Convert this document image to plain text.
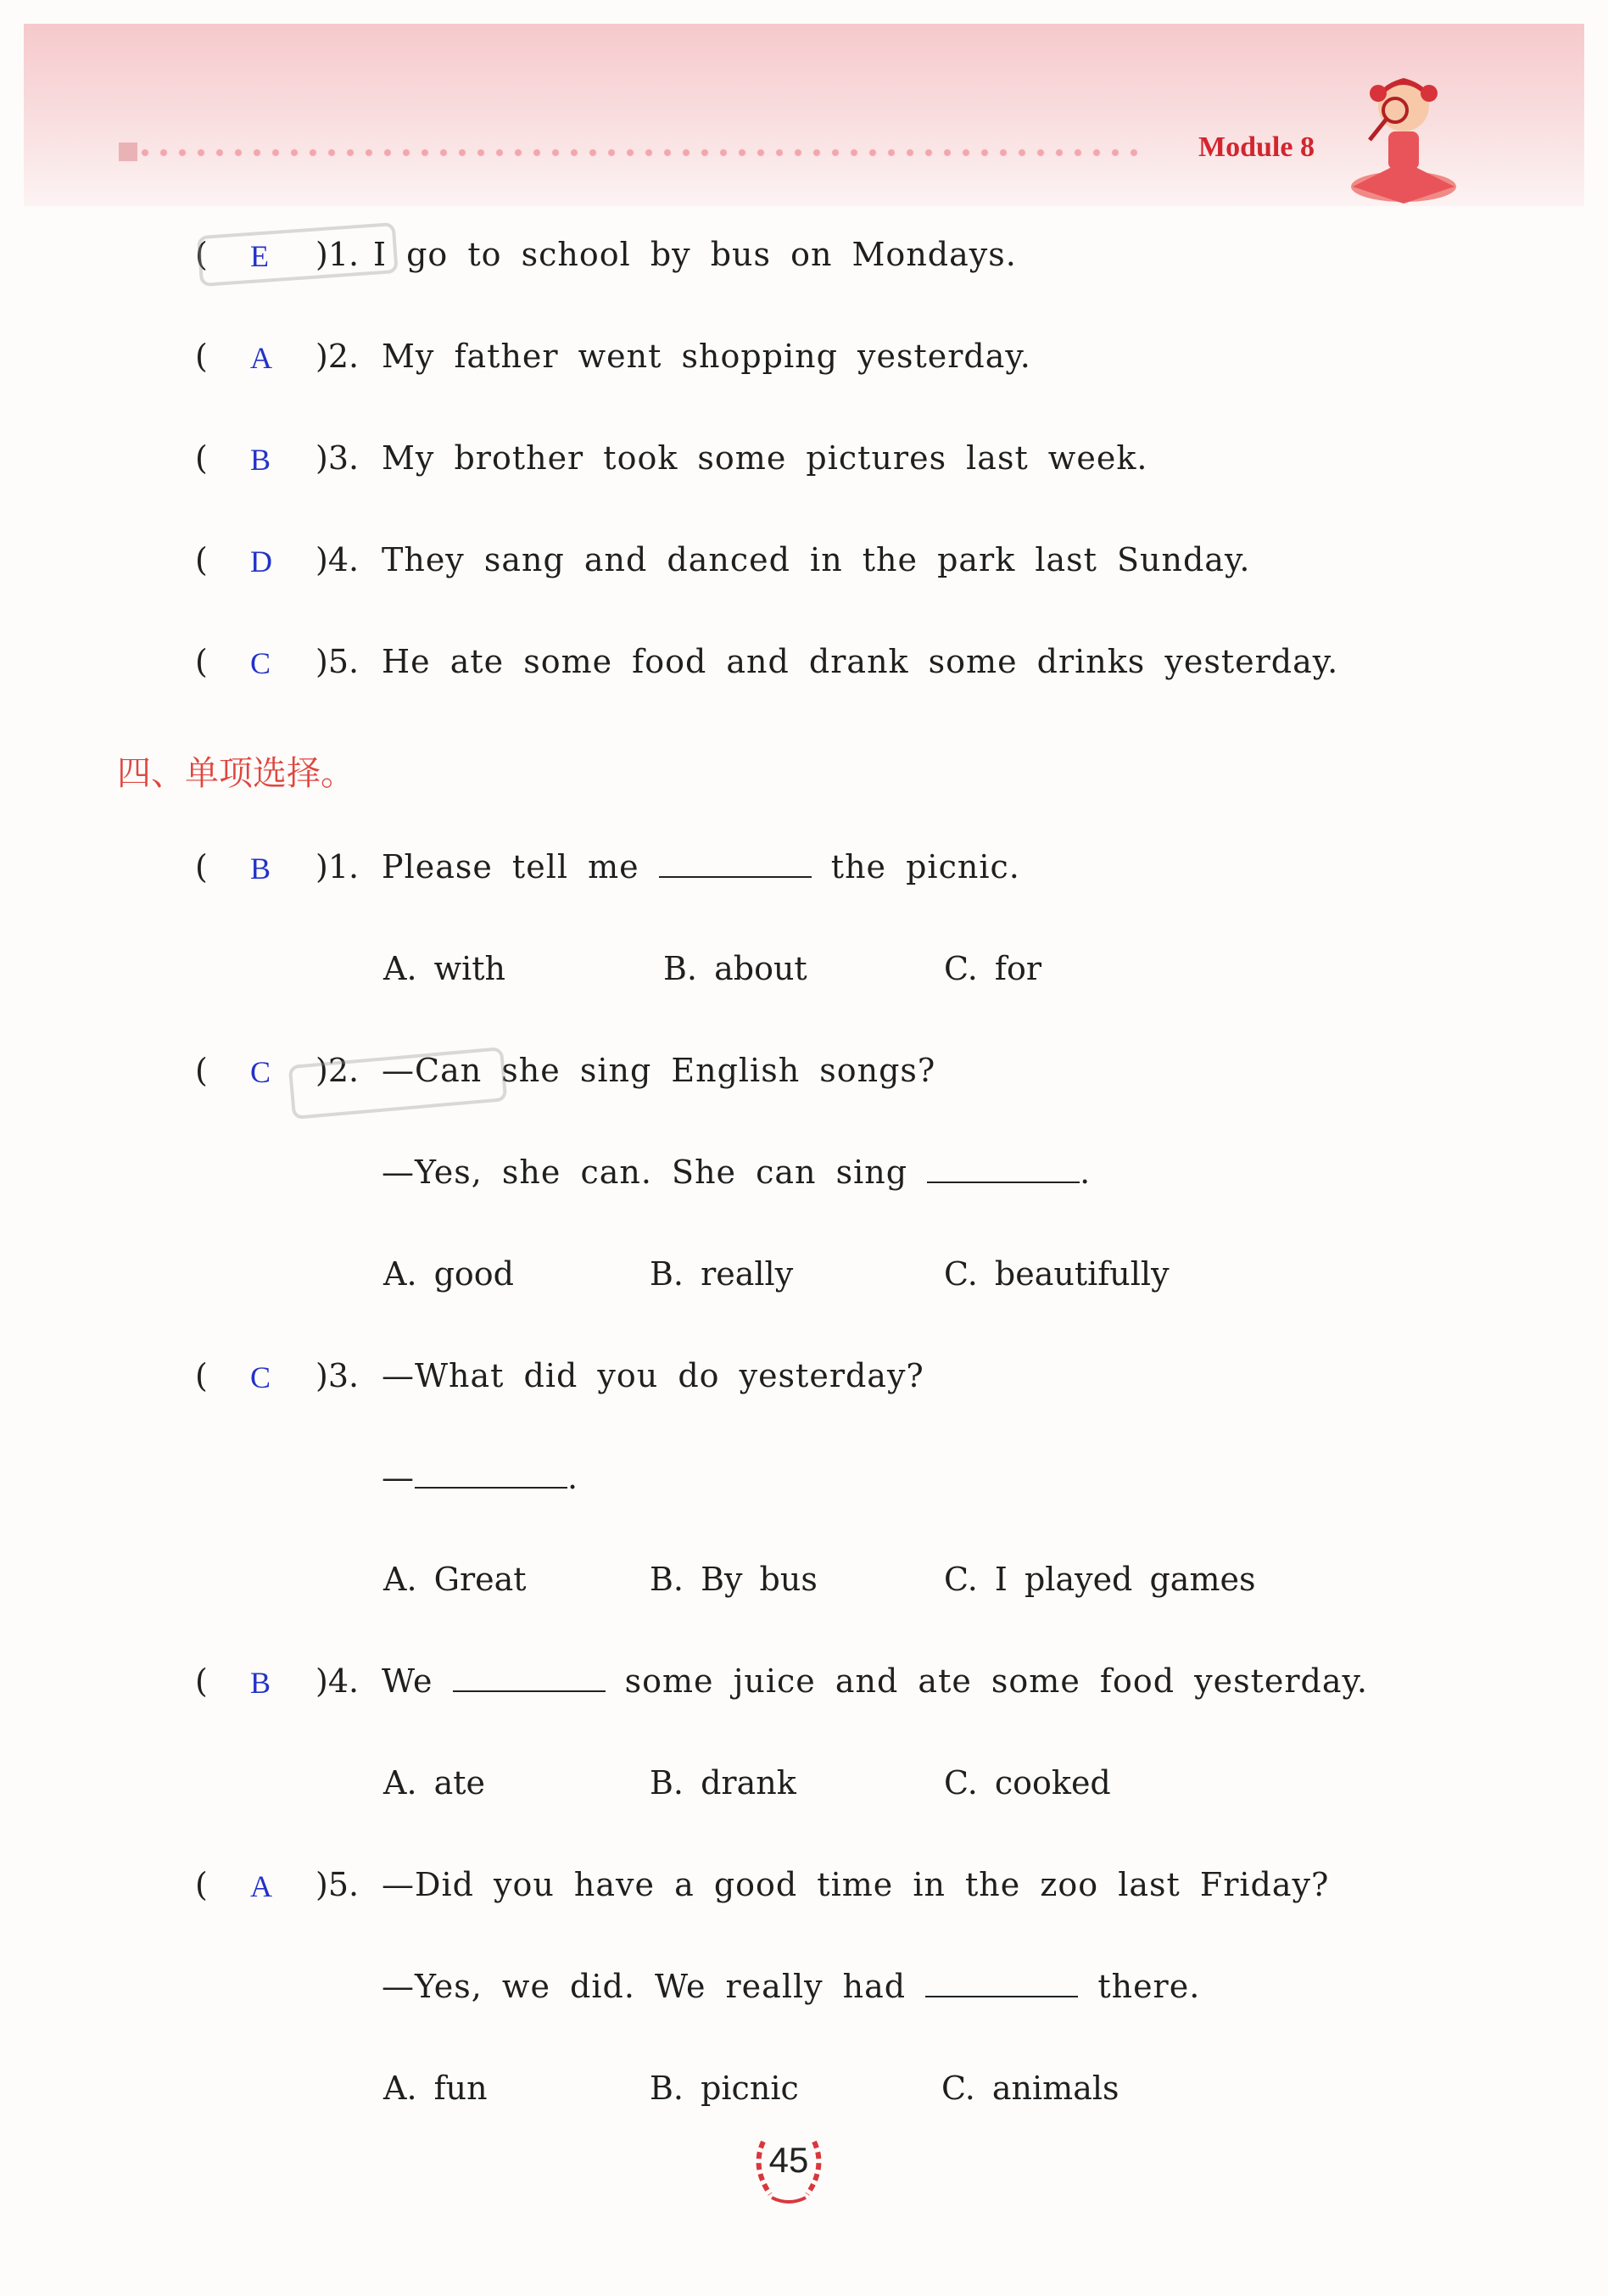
Module 8
( E )1. I go to school by bus on Mondays.
( A )2. My father went shopping yesterday.
( B )3. My brother took some pictures last week.
( D )4. They sang and danced in the park last Sunday.
( C )5. He ate some food and drank some drinks yesterday.
四、单项选择。
( B )1. Please tell me	the picnic.
A. with	B. about	C. for
( C )2. —Can she sing English songs?
—Yes, she can. She can sing	.
A. good	B. really	C. beautifully
( C )3. —What did you do yesterday?
—	.
A. Great	B. By bus	C. I played games
( B )4. We	some juice and ate some food yesterday.
A. ate	B. drank	C. cooked
( A )5. —Did you have a good time in the zoo last Friday?
—Yes, we did. We really had	there.
A. fun	B. picnic	C. animals
45
